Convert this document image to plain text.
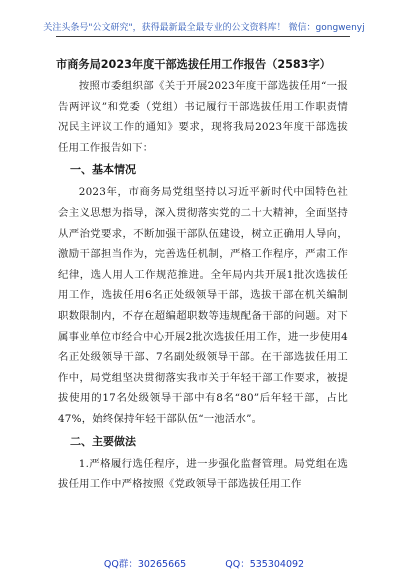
关注头条号"公文研究"，获得最新最全最专业的公文资料库！ 微信：gongwenyj
市商务局2023年度干部选拔任用工作报告（2583字）

按照市委组织部《关于开展2023年度干部选拔任用“一报告两评议”和党委（党组）书记履行干部选拔任用工作职责情况民主评议工作的通知》要求，现将我局2023年度干部选拔任用工作报告如下：

一、基本情况

2023年，市商务局党组坚持以习近平新时代中国特色社会主义思想为指导，深入贯彻落实党的二十大精神，全面坚持从严治党要求，不断加强干部队伍建设，树立正确用人导向，激励干部担当作为，完善选任机制，严格工作程序，严肃工作纪律，选人用人工作规范推进。全年局内共开展1批次选拔任用工作，选拔任用6名正处级领导干部，选拔干部在机关编制职数限制内，不存在超编超职数等违规配备干部的问题。对下属事业单位市经合中心开展2批次选拔任用工作，进一步使用4名正处级领导干部、7名副处级领导干部。在干部选拔任用工作中，局党组坚决贯彻落实我市关于年轻干部工作要求，被提拔使用的17名处级领导干部中有8名“80”后年轻干部，占比47%，始终保持年轻干部队伍“一池活水”。

二、主要做法

1.严格履行选任程序，进一步强化监督管理。局党组在选拔任用工作中严格按照《党政领导干部选拔任用工作

QQ群：30265665	QQ：535304092
